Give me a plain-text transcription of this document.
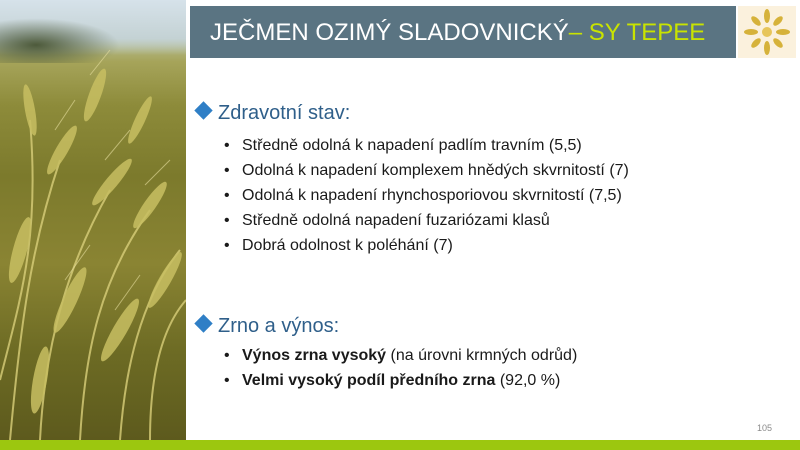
JEČMEN OZIMÝ SLADOVNICKÝ– SY TEPEE
Zdravotní stav:
• Středně odolná k napadení padlím travním (5,5)
• Odolná k napadení komplexem hnědých skvrnitostí (7)
• Odolná k napadení rhynchosporiovou skvrnitostí (7,5)
• Středně odolná napadení fuzariózami klasů
• Dobrá odolnost k poléhání (7)
Zrno a výnos:
• Výnos zrna vysoký (na úrovni krmných odrůd)
• Velmi vysoký podíl předního zrna (92,0 %)
105
